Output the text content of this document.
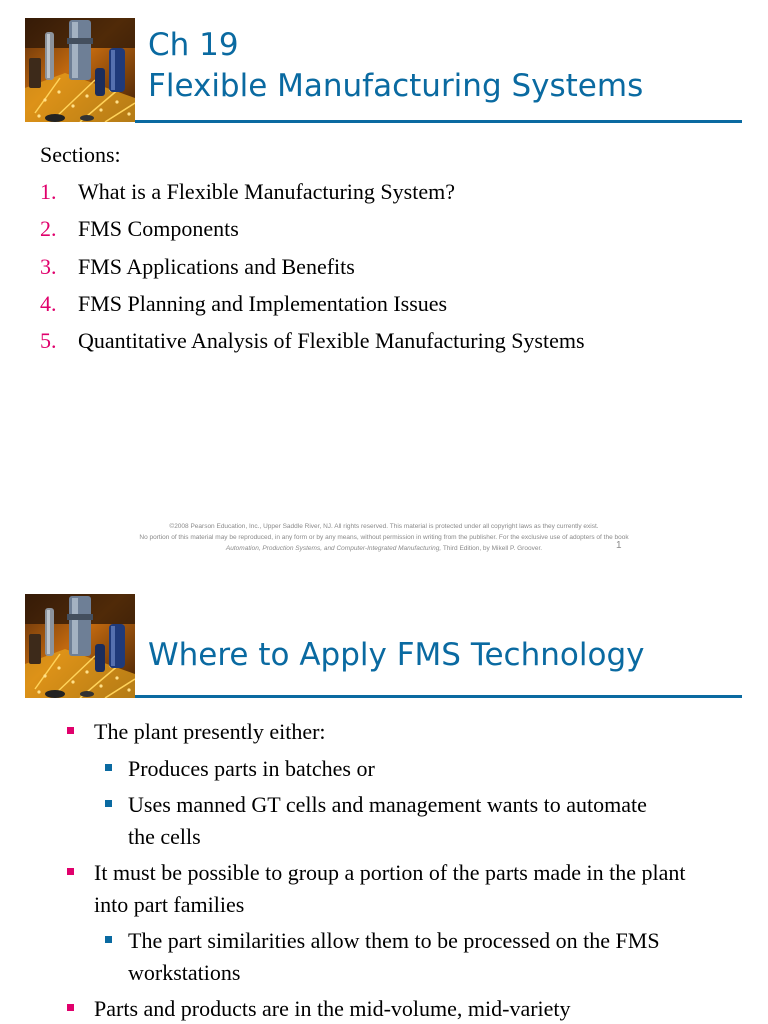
Ch 19
Flexible Manufacturing Systems
Sections:
1. What is a Flexible Manufacturing System?
2. FMS Components
3. FMS Applications and Benefits
4. FMS Planning and Implementation Issues
5. Quantitative Analysis of Flexible Manufacturing Systems
©2008 Pearson Education, Inc., Upper Saddle River, NJ. All rights reserved. This material is protected under all copyright laws as they currently exist.
No portion of this material may be reproduced, in any form or by any means, without permission in writing from the publisher. For the exclusive use of adopters of the book
Automation, Production Systems, and Computer-Integrated Manufacturing, Third Edition, by Mikell P. Groover.	1
Where to Apply FMS Technology
The plant presently either:
Produces parts in batches or
Uses manned GT cells and management wants to automate the cells
It must be possible to group a portion of the parts made in the plant into part families
The part similarities allow them to be processed on the FMS workstations
Parts and products are in the mid-volume, mid-variety
